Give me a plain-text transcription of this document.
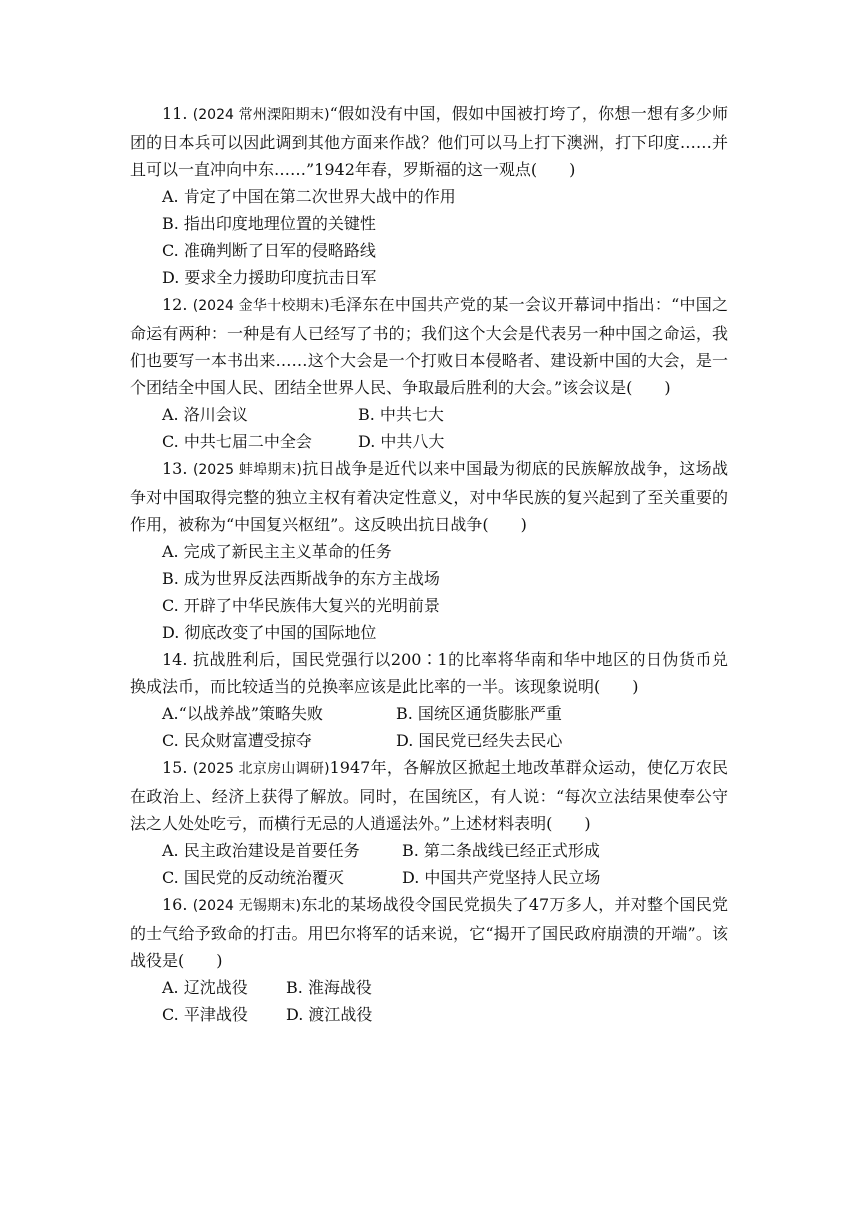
11. (2024 常州溧阳期末)“假如没有中国，假如中国被打垮了，你想一想有多少师团的日本兵可以因此调到其他方面来作战？他们可以马上打下澳洲，打下印度……并且可以一直冲向中东……”1942年春，罗斯福的这一观点(　　)

A. 肯定了中国在第二次世界大战中的作用

B. 指出印度地理位置的关键性

C. 准确判断了日军的侵略路线

D. 要求全力援助印度抗击日军

12. (2024 金华十校期末)毛泽东在中国共产党的某一会议开幕词中指出：“中国之命运有两种：一种是有人已经写了书的；我们这个大会是代表另一种中国之命运，我们也要写一本书出来……这个大会是一个打败日本侵略者、建设新中国的大会，是一个团结全中国人民、团结全世界人民、争取最后胜利的大会。”该会议是(　　)

A. 洛川会议	B. 中共七大
C. 中共七届二中全会	D. 中共八大

13. (2025 蚌埠期末)抗日战争是近代以来中国最为彻底的民族解放战争，这场战争对中国取得完整的独立主权有着决定性意义，对中华民族的复兴起到了至关重要的作用，被称为“中国复兴枢纽”。这反映出抗日战争(　　)

A. 完成了新民主主义革命的任务

B. 成为世界反法西斯战争的东方主战场

C. 开辟了中华民族伟大复兴的光明前景

D. 彻底改变了中国的国际地位

14. 抗战胜利后，国民党强行以200∶1的比率将华南和华中地区的日伪货币兑换成法币，而比较适当的兑换率应该是此比率的一半。该现象说明(　　)

A.“以战养战”策略失败	B. 国统区通货膨胀严重
C. 民众财富遭受掠夺	D. 国民党已经失去民心

15. (2025 北京房山调研)1947年，各解放区掀起土地改革群众运动，使亿万农民在政治上、经济上获得了解放。同时，在国统区，有人说：“每次立法结果使奉公守法之人处处吃亏，而横行无忌的人逍遥法外。”上述材料表明(　　)

A. 民主政治建设是首要任务	B. 第二条战线已经正式形成
C. 国民党的反动统治覆灭	D. 中国共产党坚持人民立场

16. (2024 无锡期末)东北的某场战役令国民党损失了47万多人，并对整个国民党的士气给予致命的打击。用巴尔将军的话来说，它“揭开了国民政府崩溃的开端”。该战役是(　　)

A. 辽沈战役	B. 淮海战役
C. 平津战役	D. 渡江战役
